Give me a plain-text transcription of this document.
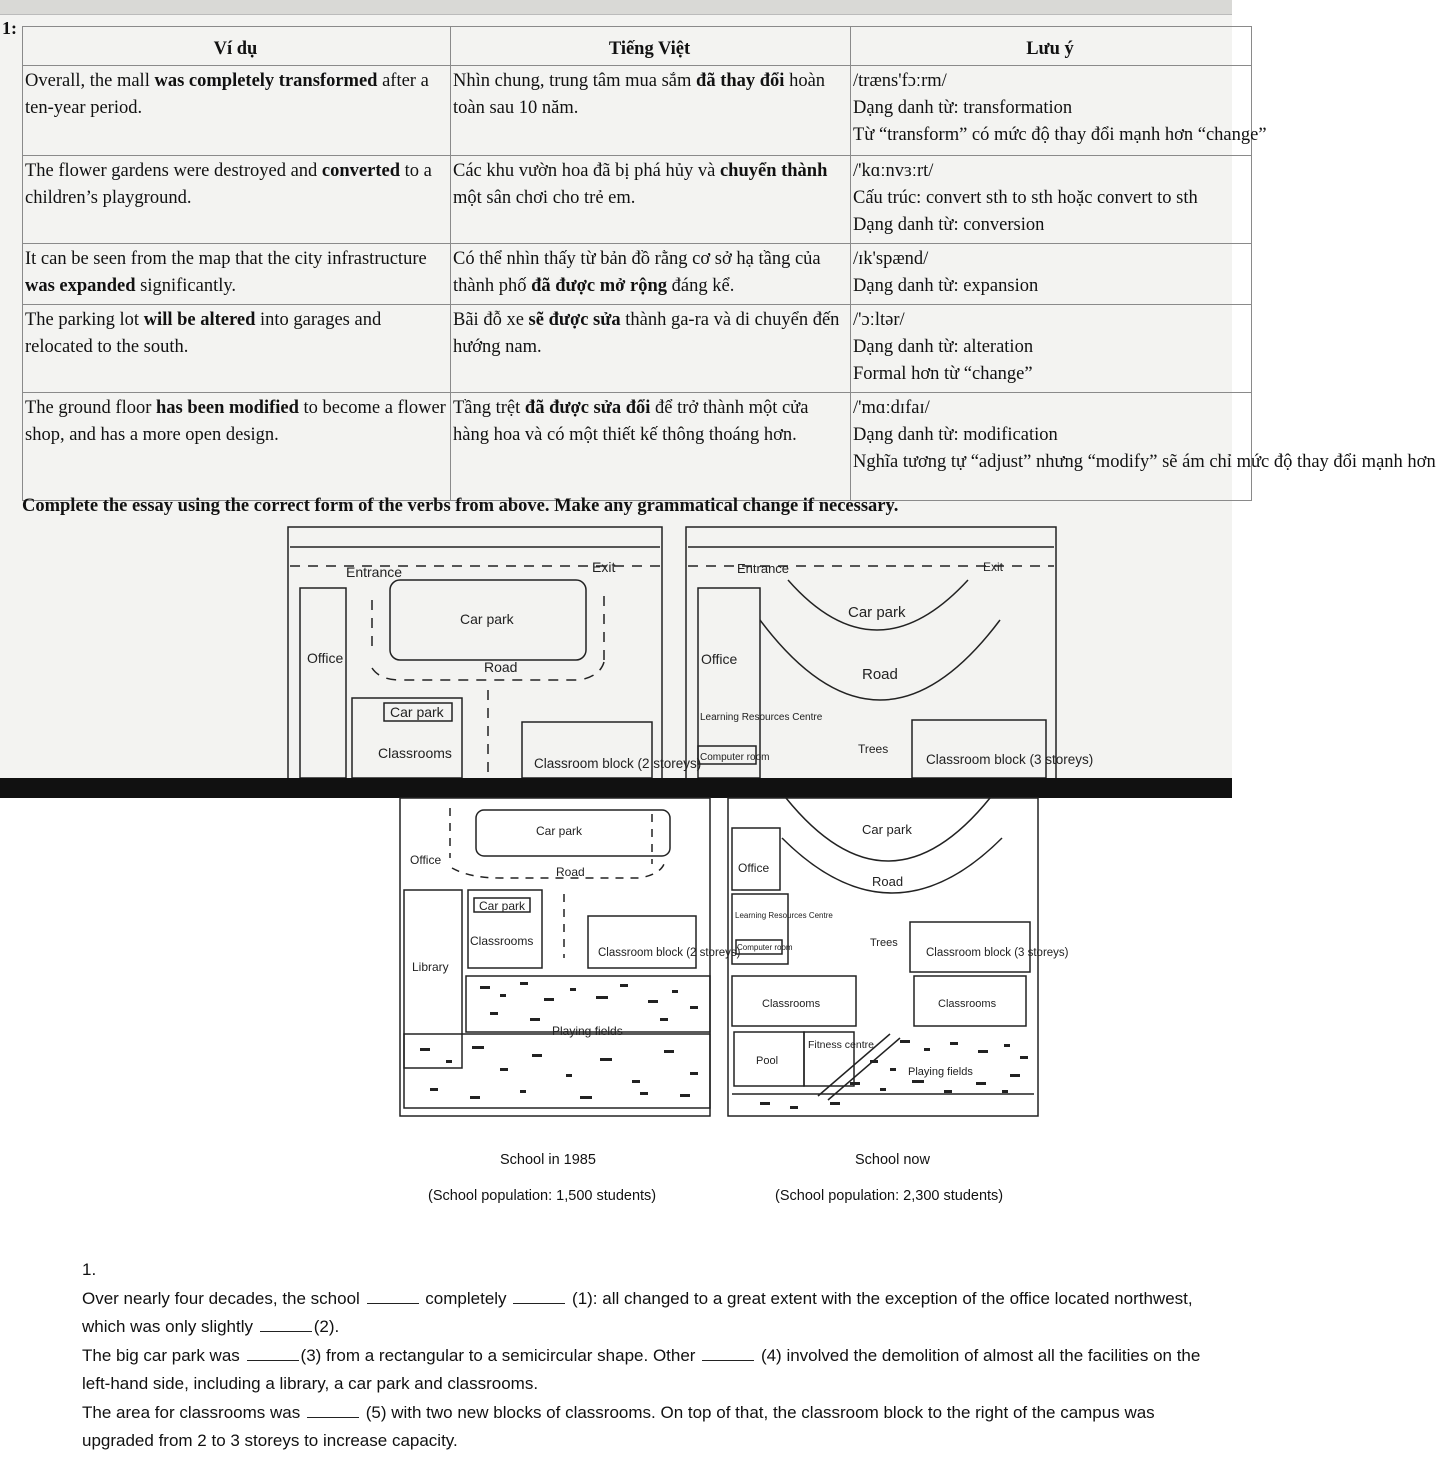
1:
Ví dụ	Tiếng Việt	Lưu ý
Overall, the mall was completely transformed after a ten-year period.	Nhìn chung, trung tâm mua sắm đã thay đổi hoàn toàn sau 10 năm.	/træns'fɔːrm/
Dạng danh từ: transformation
Từ “transform” có mức độ thay đổi mạnh hơn “change”

The flower gardens were destroyed and converted to a children’s playground.	Các khu vườn hoa đã bị phá hủy và chuyển thành một sân chơi cho trẻ em.	/'kɑːnvɜːrt/
Cấu trúc: convert sth to sth hoặc convert to sth
Dạng danh từ: conversion

It can be seen from the map that the city infrastructure was expanded significantly.	Có thể nhìn thấy từ bản đồ rằng cơ sở hạ tầng của thành phố đã được mở rộng đáng kể.	/ɪk'spænd/
Dạng danh từ: expansion

The parking lot will be altered into garages and relocated to the south.	Bãi đỗ xe sẽ được sửa thành ga-ra và di chuyển đến hướng nam.	/'ɔːltər/
Dạng danh từ: alteration
Formal hơn từ “change”

The ground floor has been modified to become a flower shop, and has a more open design.	Tầng trệt đã được sửa đổi để trở thành một cửa hàng hoa và có một thiết kế thông thoáng hơn.	/'mɑːdɪfaɪ/
Dạng danh từ: modification
Nghĩa tương tự “adjust” nhưng “modify” sẽ ám chỉ mức độ thay đổi mạnh hơn
Complete the essay using the correct form of the verbs from above. Make any grammatical change if necessary.
Entrance	Exit
Car park
Office
Road
Car park
Classrooms
Classroom block (2 storeys)
Entrance	Exit
Car park
Office
Road
Learning Resources Centre
Computer room
Trees
Classroom block (3 storeys)
Car park
Office
Road
Car park
Classrooms
Library
Classroom block (2 storeys)
Playing fields
Car park
Office
Road
Learning Resources Centre
Computer room	Trees
Classroom block (3 storeys)
Classrooms	Classrooms
Pool
Fitness centre
Playing fields
School in 1985
(School population: 1,500 students)
School now
(School population: 2,300 students)
1.
Over nearly four decades, the school	completely	(1): all changed to a great extent with the exception of the office located northwest,
which was only slightly	(2).
The big car park was	(3) from a rectangular to a semicircular shape. Other	(4) involved the demolition of almost all the facilities on the
left-hand side, including a library, a car park and classrooms.
The area for classrooms was	(5) with two new blocks of classrooms. On top of that, the classroom block to the right of the campus was
upgraded from 2 to 3 storeys to increase capacity.
